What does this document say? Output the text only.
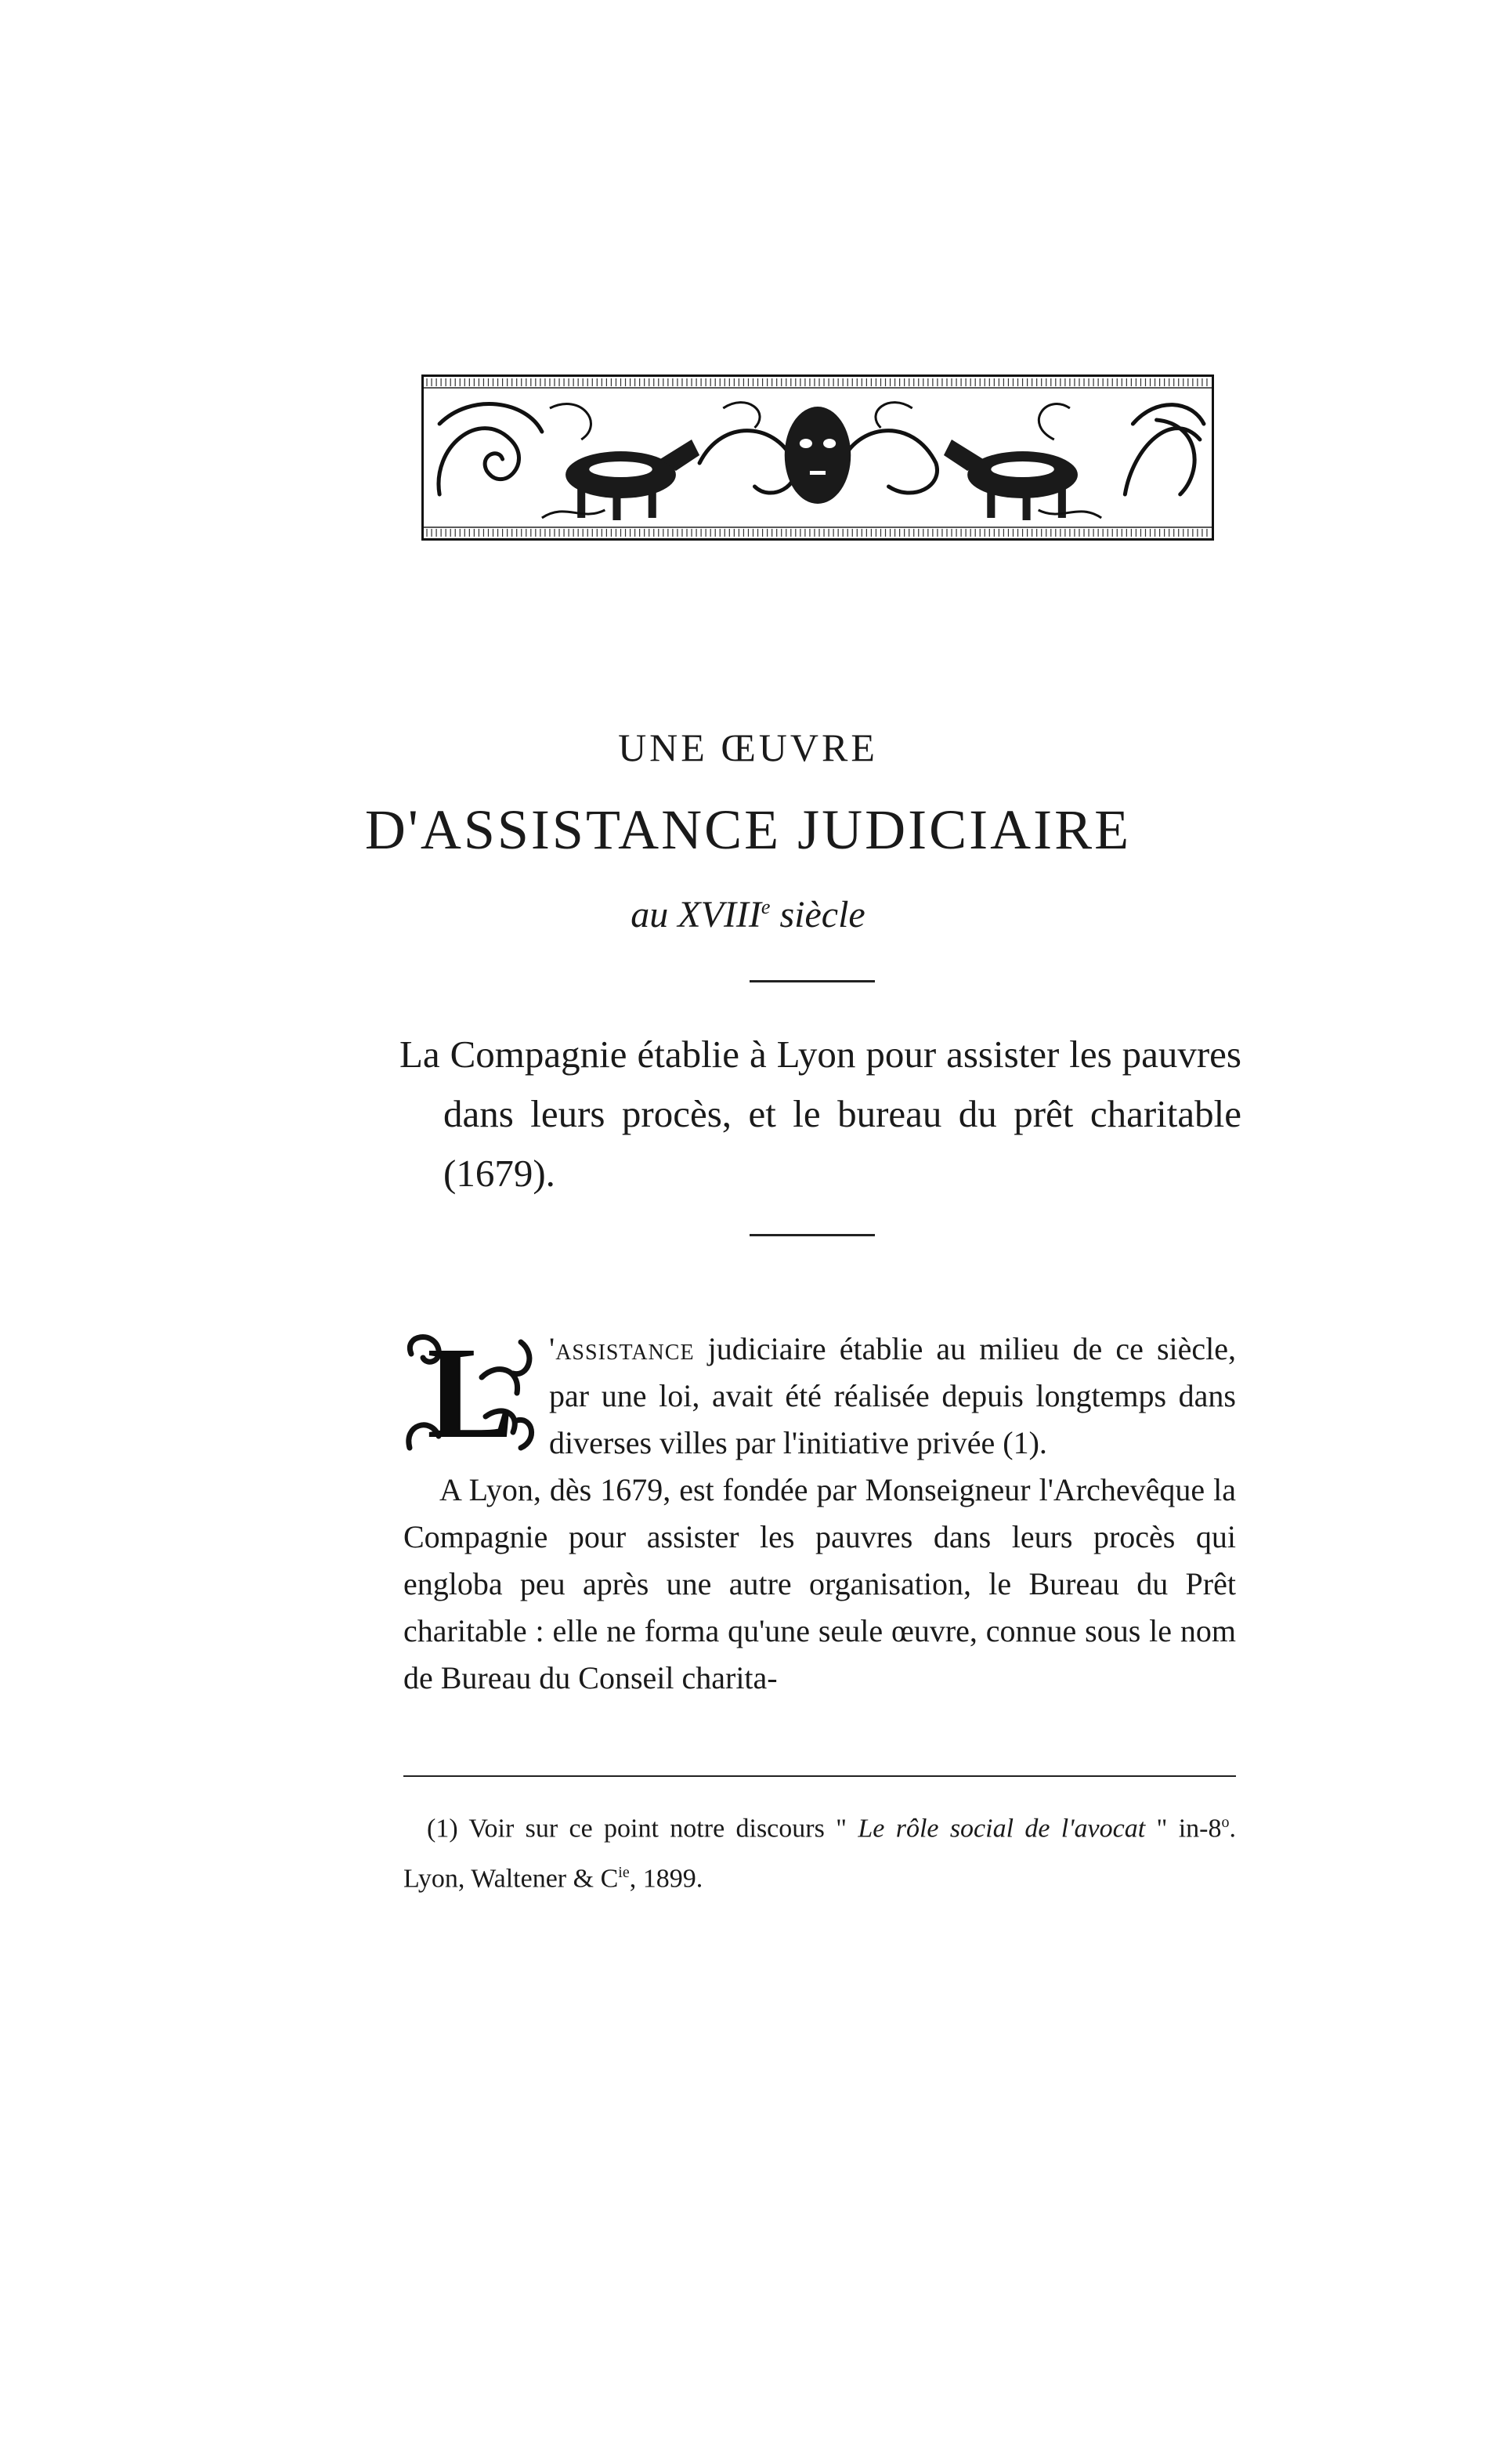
UNE ŒUVRE
D'ASSISTANCE JUDICIAIRE
au XVIIIe siècle
La Compagnie établie à Lyon pour assister les pauvres dans leurs procès, et le bureau du prêt charitable (1679).

L	'assistance judiciaire établie au milieu de ce siècle, par une loi, avait été réalisée depuis longtemps dans diverses villes par l'initiative privée (1).

A Lyon, dès 1679, est fondée par Monseigneur l'Archevêque la Compagnie pour assister les pauvres dans leurs procès qui engloba peu après une autre organisation, le Bureau du Prêt charitable : elle ne forma qu'une seule œuvre, connue sous le nom de Bureau du Conseil charita-

(1) Voir sur ce point notre discours " Le rôle social de l'avocat " in-8$^o$. Lyon, Waltener & $C^{ie}$, 1899.
